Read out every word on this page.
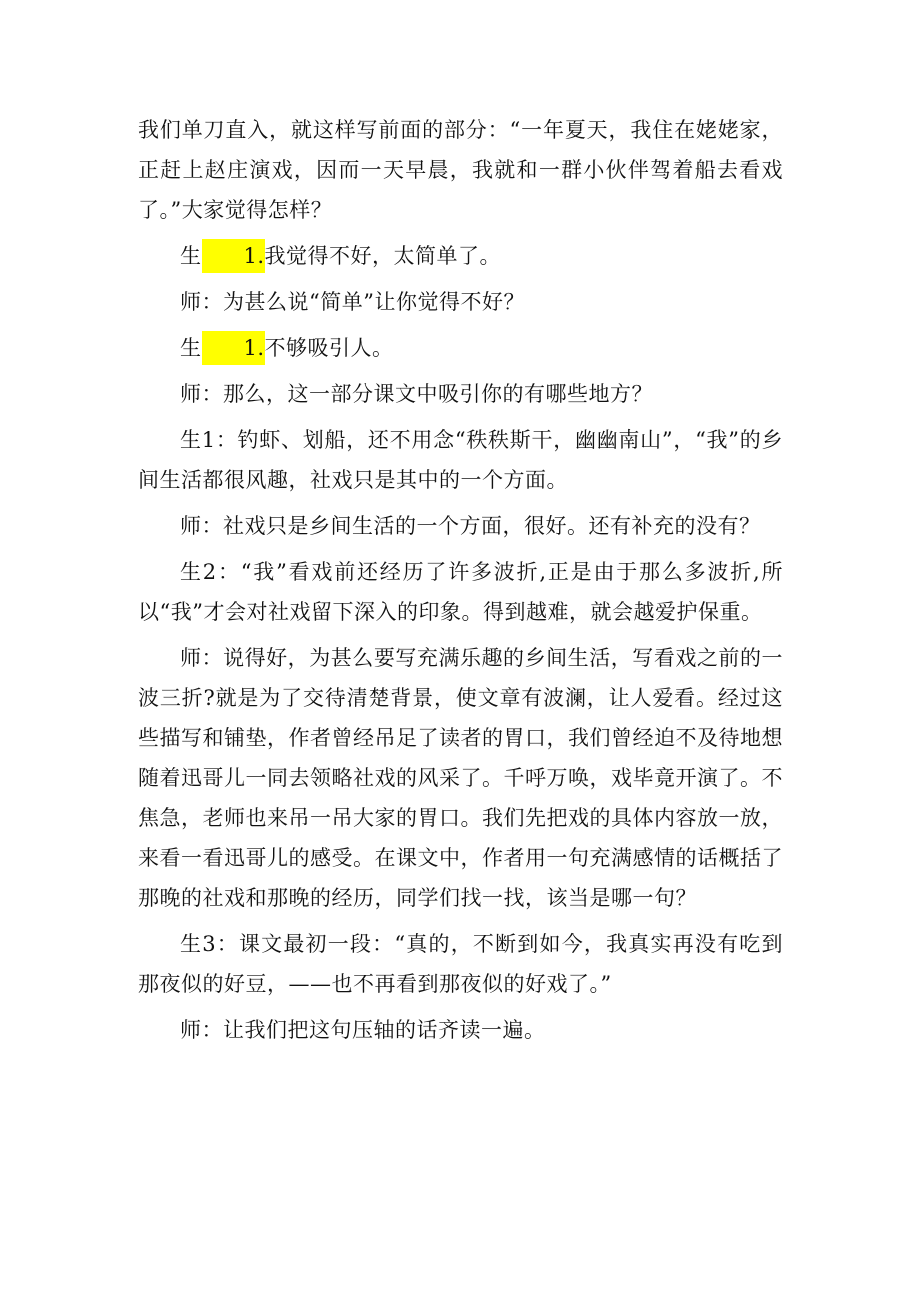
我们单刀直入，就这样写前面的部分：“一年夏天，我住在姥姥家，正赶上赵庄演戏，因而一天早晨，我就和一群小伙伴驾着船去看戏了。”大家觉得怎样？

生 1.我觉得不好，太简单了。

师：为甚么说“简单”让你觉得不好？

生 1.不够吸引人。

师：那么，这一部分课文中吸引你的有哪些地方？

生1：钓虾、划船，还不用念“秩秩斯干，幽幽南山”，“我”的乡间生活都很风趣，社戏只是其中的一个方面。

师：社戏只是乡间生活的一个方面，很好。还有补充的没有？

生2：“我”看戏前还经历了许多波折,正是由于那么多波折,所以“我”才会对社戏留下深入的印象。得到越难，就会越爱护保重。

师：说得好，为甚么要写充满乐趣的乡间生活，写看戏之前的一波三折?就是为了交待清楚背景，使文章有波澜，让人爱看。经过这些描写和铺垫，作者曾经吊足了读者的胃口，我们曾经迫不及待地想随着迅哥儿一同去领略社戏的风采了。千呼万唤，戏毕竟开演了。不焦急，老师也来吊一吊大家的胃口。我们先把戏的具体内容放一放，来看一看迅哥儿的感受。在课文中，作者用一句充满感情的话概括了那晚的社戏和那晚的经历，同学们找一找，该当是哪一句？

生3：课文最初一段：“真的，不断到如今，我真实再没有吃到那夜似的好豆，——也不再看到那夜似的好戏了。”

师：让我们把这句压轴的话齐读一遍。
